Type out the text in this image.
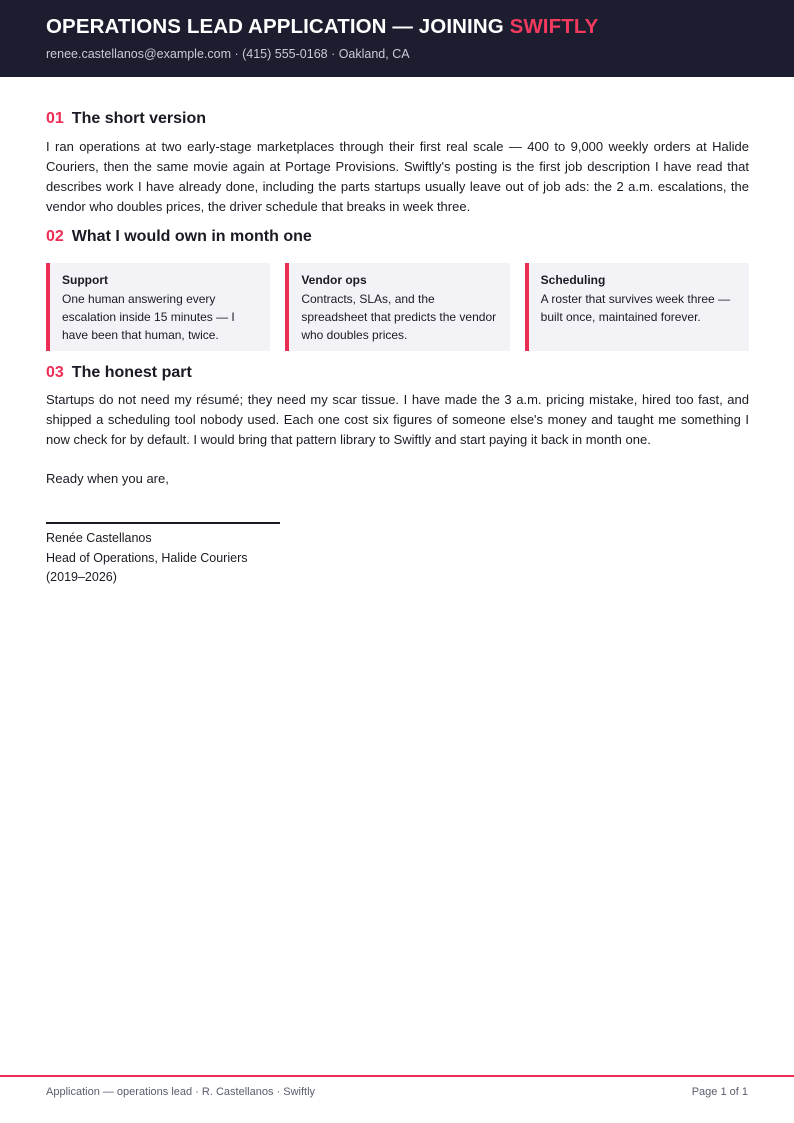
OPERATIONS LEAD APPLICATION — JOINING SWIFTLY
renee.castellanos@example.com · (415) 555-0168 · Oakland, CA
01 The short version
I ran operations at two early-stage marketplaces through their first real scale — 400 to 9,000 weekly orders at Halide Couriers, then the same movie again at Portage Provisions. Swiftly's posting is the first job description I have read that describes work I have already done, including the parts startups usually leave out of job ads: the 2 a.m. escalations, the vendor who doubles prices, the driver schedule that breaks in week three.
02 What I would own in month one
Support
One human answering every escalation inside 15 minutes — I have been that human, twice.
Vendor ops
Contracts, SLAs, and the spreadsheet that predicts the vendor who doubles prices.
Scheduling
A roster that survives week three — built once, maintained forever.
03 The honest part
Startups do not need my résumé; they need my scar tissue. I have made the 3 a.m. pricing mistake, hired too fast, and shipped a scheduling tool nobody used. Each one cost six figures of someone else's money and taught me something I now check for by default. I would bring that pattern library to Swiftly and start paying it back in month one.
Ready when you are,
Renée Castellanos
Head of Operations, Halide Couriers
(2019–2026)
Application — operations lead · R. Castellanos · Swiftly	Page 1 of 1
